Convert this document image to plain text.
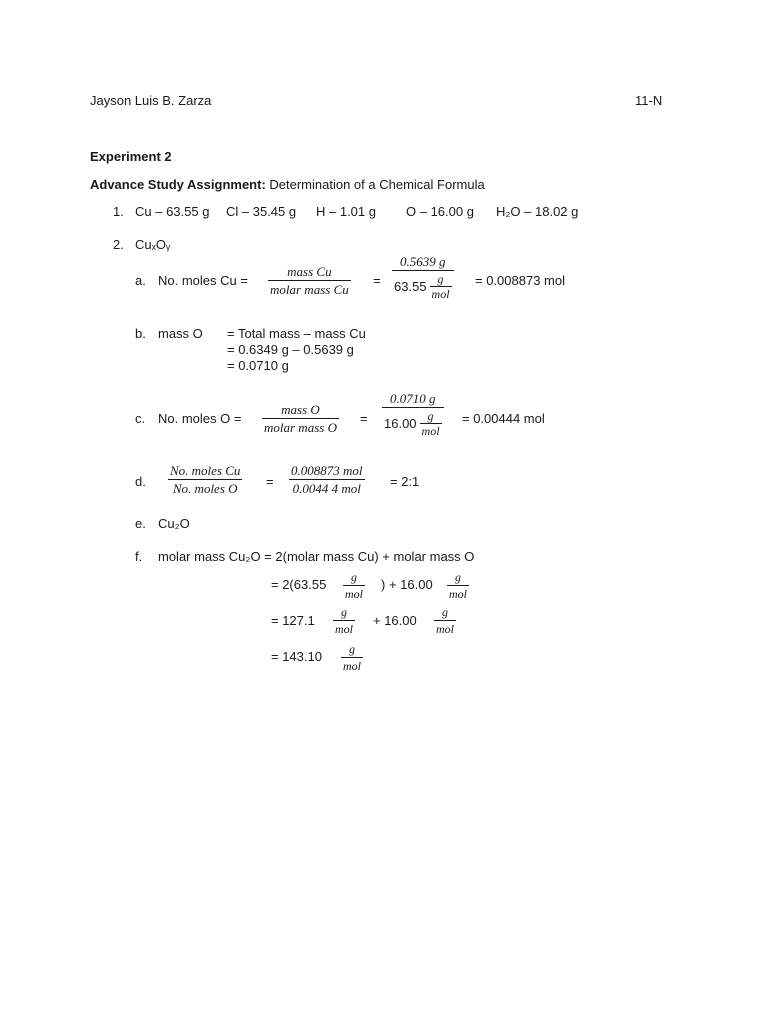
Jayson Luis B. Zarza	11-N
Experiment 2
Advance Study Assignment: Determination of a Chemical Formula
1. Cu – 63.55 g Cl – 35.45 g H – 1.01 g O – 16.00 g H₂O – 18.02 g
2. CuₓOᵧ
a. No. moles Cu =
mass Cu
molar mass Cu
=
0.5639 g
63.55 g
mol
= 0.008873 mol
b. mass O = Total mass – mass Cu
= 0.6349 g – 0.5639 g
= 0.0710 g
c. No. moles O =
mass O
molar mass O
=
0.0710 g
16.00 g
mol
= 0.00444 mol
d.
No. moles Cu
No. moles O =
0.008873 mol
0.0044 4 mol = 2:1
e. Cu₂O
f. molar mass Cu₂O = 2(molar mass Cu) + molar mass O
= 2(63.55 g
mol
) + 16.00 g
mol
= 127.1
g
mol
+ 16.00
g
mol
= 143.10 g
mol
